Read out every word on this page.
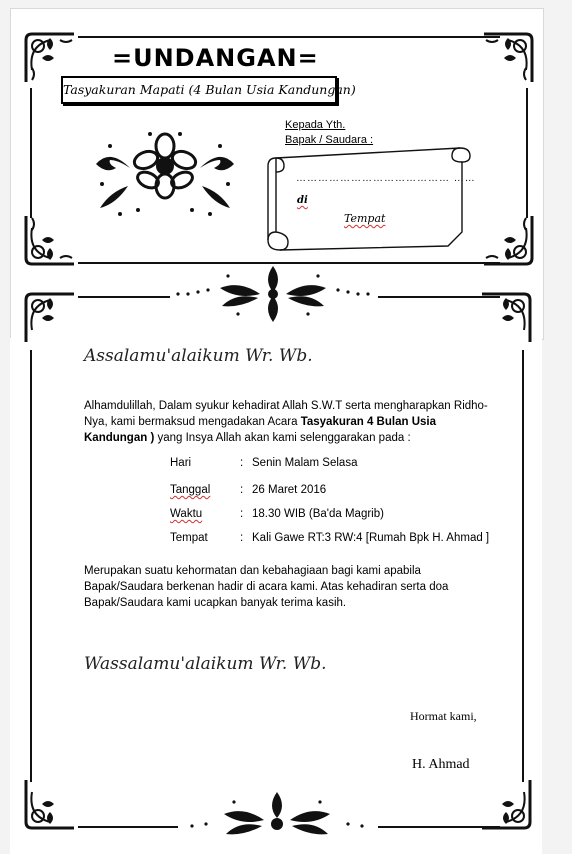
=UNDANGAN=
Tasyakuran Mapati (4 Bulan Usia Kandungan)
Kepada Yth.
Bapak / Saudara :
…………………………………… ……
di
Tempat
Assalamu'alaikum Wr. Wb.
Alhamdulillah, Dalam syukur kehadirat Allah S.W.T serta mengharapkan Ridho-Nya, kami bermaksud mengadakan Acara Tasyakuran 4 Bulan Usia Kandungan ) yang Insya Allah akan kami selenggarakan pada :
Hari	: Senin Malam Selasa
Tanggal	: 26 Maret 2016
Waktu	: 18.30 WIB (Ba'da Magrib)
Tempat	: Kali Gawe RT:3 RW:4 [Rumah Bpk H. Ahmad ]
Merupakan suatu kehormatan dan kebahagiaan bagi kami apabila Bapak/Saudara berkenan hadir di acara kami. Atas kehadiran serta doa Bapak/Saudara kami ucapkan banyak terima kasih.
Wassalamu'alaikum Wr. Wb.
Hormat kami,
H. Ahmad
